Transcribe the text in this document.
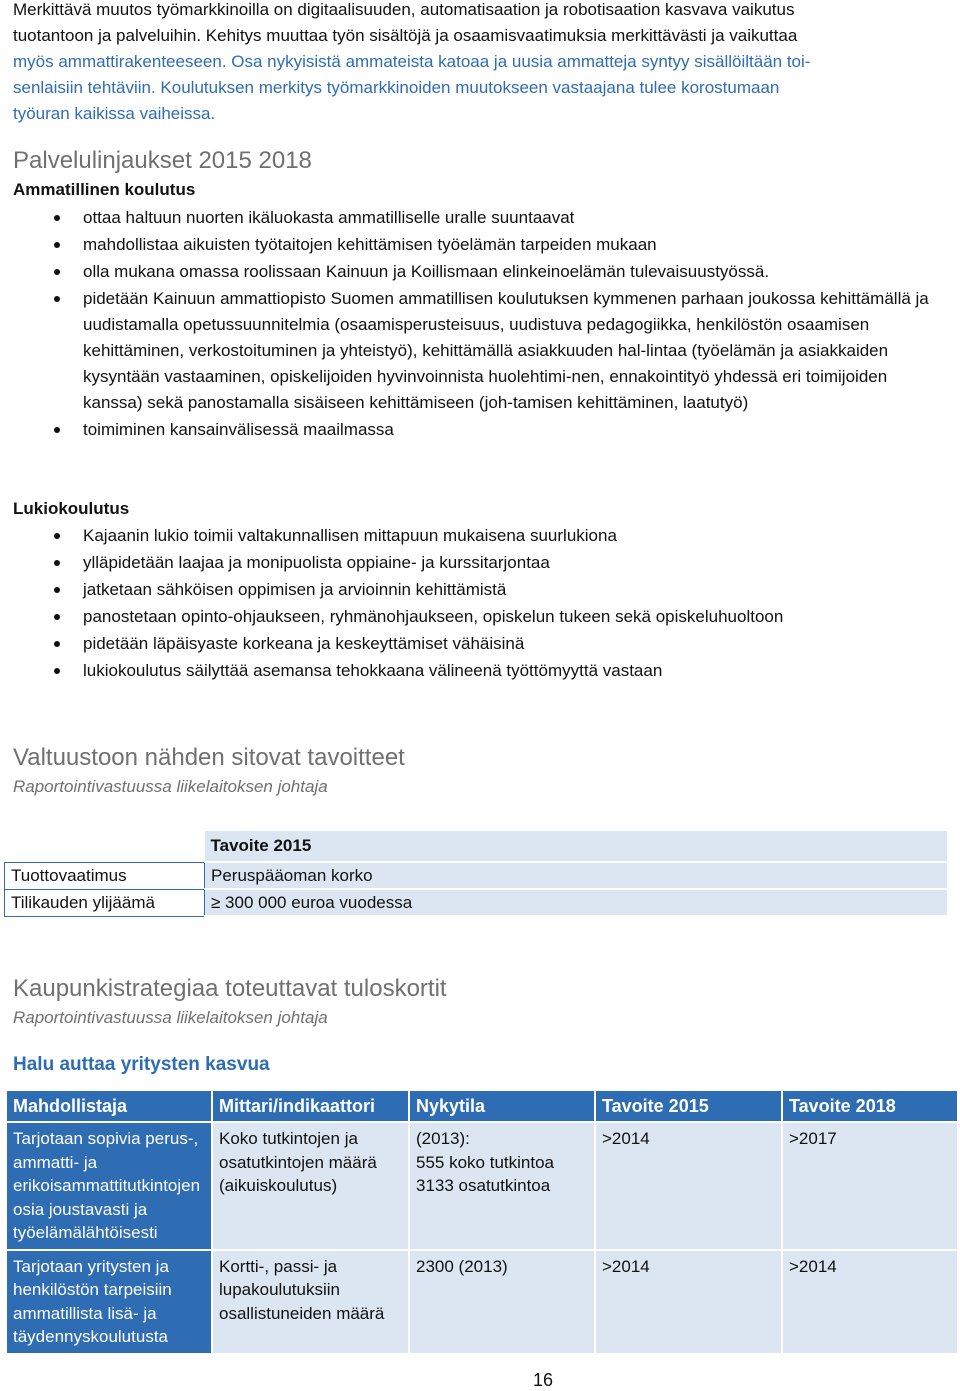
Merkittävä muutos työmarkkinoilla on digitaalisuuden, automatisaation ja robotisaation kasvava vaikutus
tuotantoon ja palveluihin. Kehitys muuttaa työn sisältöjä ja osaamisvaatimuksia merkittävästi ja vaikuttaa
myös ammattirakenteeseen. Osa nykyisistä ammateista katoaa ja uusia ammatteja syntyy sisällöiltään toi-
senlaisiin tehtäviin. Koulutuksen merkitys työmarkkinoiden muutokseen vastaajana tulee korostumaan
työuran kaikissa vaiheissa.
Palvelulinjaukset 2015 2018
Ammatillinen koulutus
ottaa haltuun nuorten ikäluokasta ammatilliselle uralle suuntaavat
mahdollistaa aikuisten työtaitojen kehittämisen työelämän tarpeiden mukaan
olla mukana omassa roolissaan Kainuun ja Koillismaan elinkeinoelämän tulevaisuustyössä.
pidetään Kainuun ammattiopisto Suomen ammatillisen koulutuksen kymmenen parhaan joukossa kehittämällä ja uudistamalla opetussuunnitelmia (osaamisperusteisuus, uudistuva pedagogiikka, henkilöstön osaamisen kehittäminen, verkostoituminen ja yhteistyö), kehittämällä asiakkuuden hal-lintaa (työelämän ja asiakkaiden kysyntään vastaaminen, opiskelijoiden hyvinvoinnista huolehtimi-nen, ennakointityö yhdessä eri toimijoiden kanssa) sekä panostamalla sisäiseen kehittämiseen (joh-tamisen kehittäminen, laatutyö)
toimiminen kansainvälisessä maailmassa
Lukiokoulutus
Kajaanin lukio toimii valtakunnallisen mittapuun mukaisena suurlukiona
ylläpidetään laajaa ja monipuolista oppiaine- ja kurssitarjontaa
jatketaan sähköisen oppimisen ja arvioinnin kehittämistä
panostetaan opinto-ohjaukseen, ryhmänohjaukseen, opiskelun tukeen sekä opiskeluhuoltoon
pidetään läpäisyaste korkeana ja keskeyttämiset vähäisinä
lukiokoulutus säilyttää asemansa tehokkaana välineenä työttömyyttä vastaan
Valtuustoon nähden sitovat tavoitteet

Raportointivastuussa liikelaitoksen johtaja

	Tavoite 2015
Tuottovaatimus	Peruspääoman korko
Tilikauden ylijäämä	≥ 300 000 euroa vuodessa
Kaupunkistrategiaa toteuttavat tuloskortit

Raportointivastuussa liikelaitoksen johtaja

Halu auttaa yritysten kasvua
Mahdollistaja	Mittari/indikaattori	Nykytila	Tavoite 2015	Tavoite 2018
Tarjotaan sopivia perus-, ammatti- ja erikoisammattitutkintojen osia joustavasti ja työelämälähtöisesti	Koko tutkintojen ja osatutkintojen määrä (aikuiskoulutus)	(2013):
555 koko tutkintoa
3133 osatutkintoa	>2014	>2017
Tarjotaan yritysten ja henkilöstön tarpeisiin ammatillista lisä- ja täydennyskoulutusta	Kortti-, passi- ja lupakoulutuksiin osallistuneiden määrä	2300 (2013)	>2014	>2014
16
